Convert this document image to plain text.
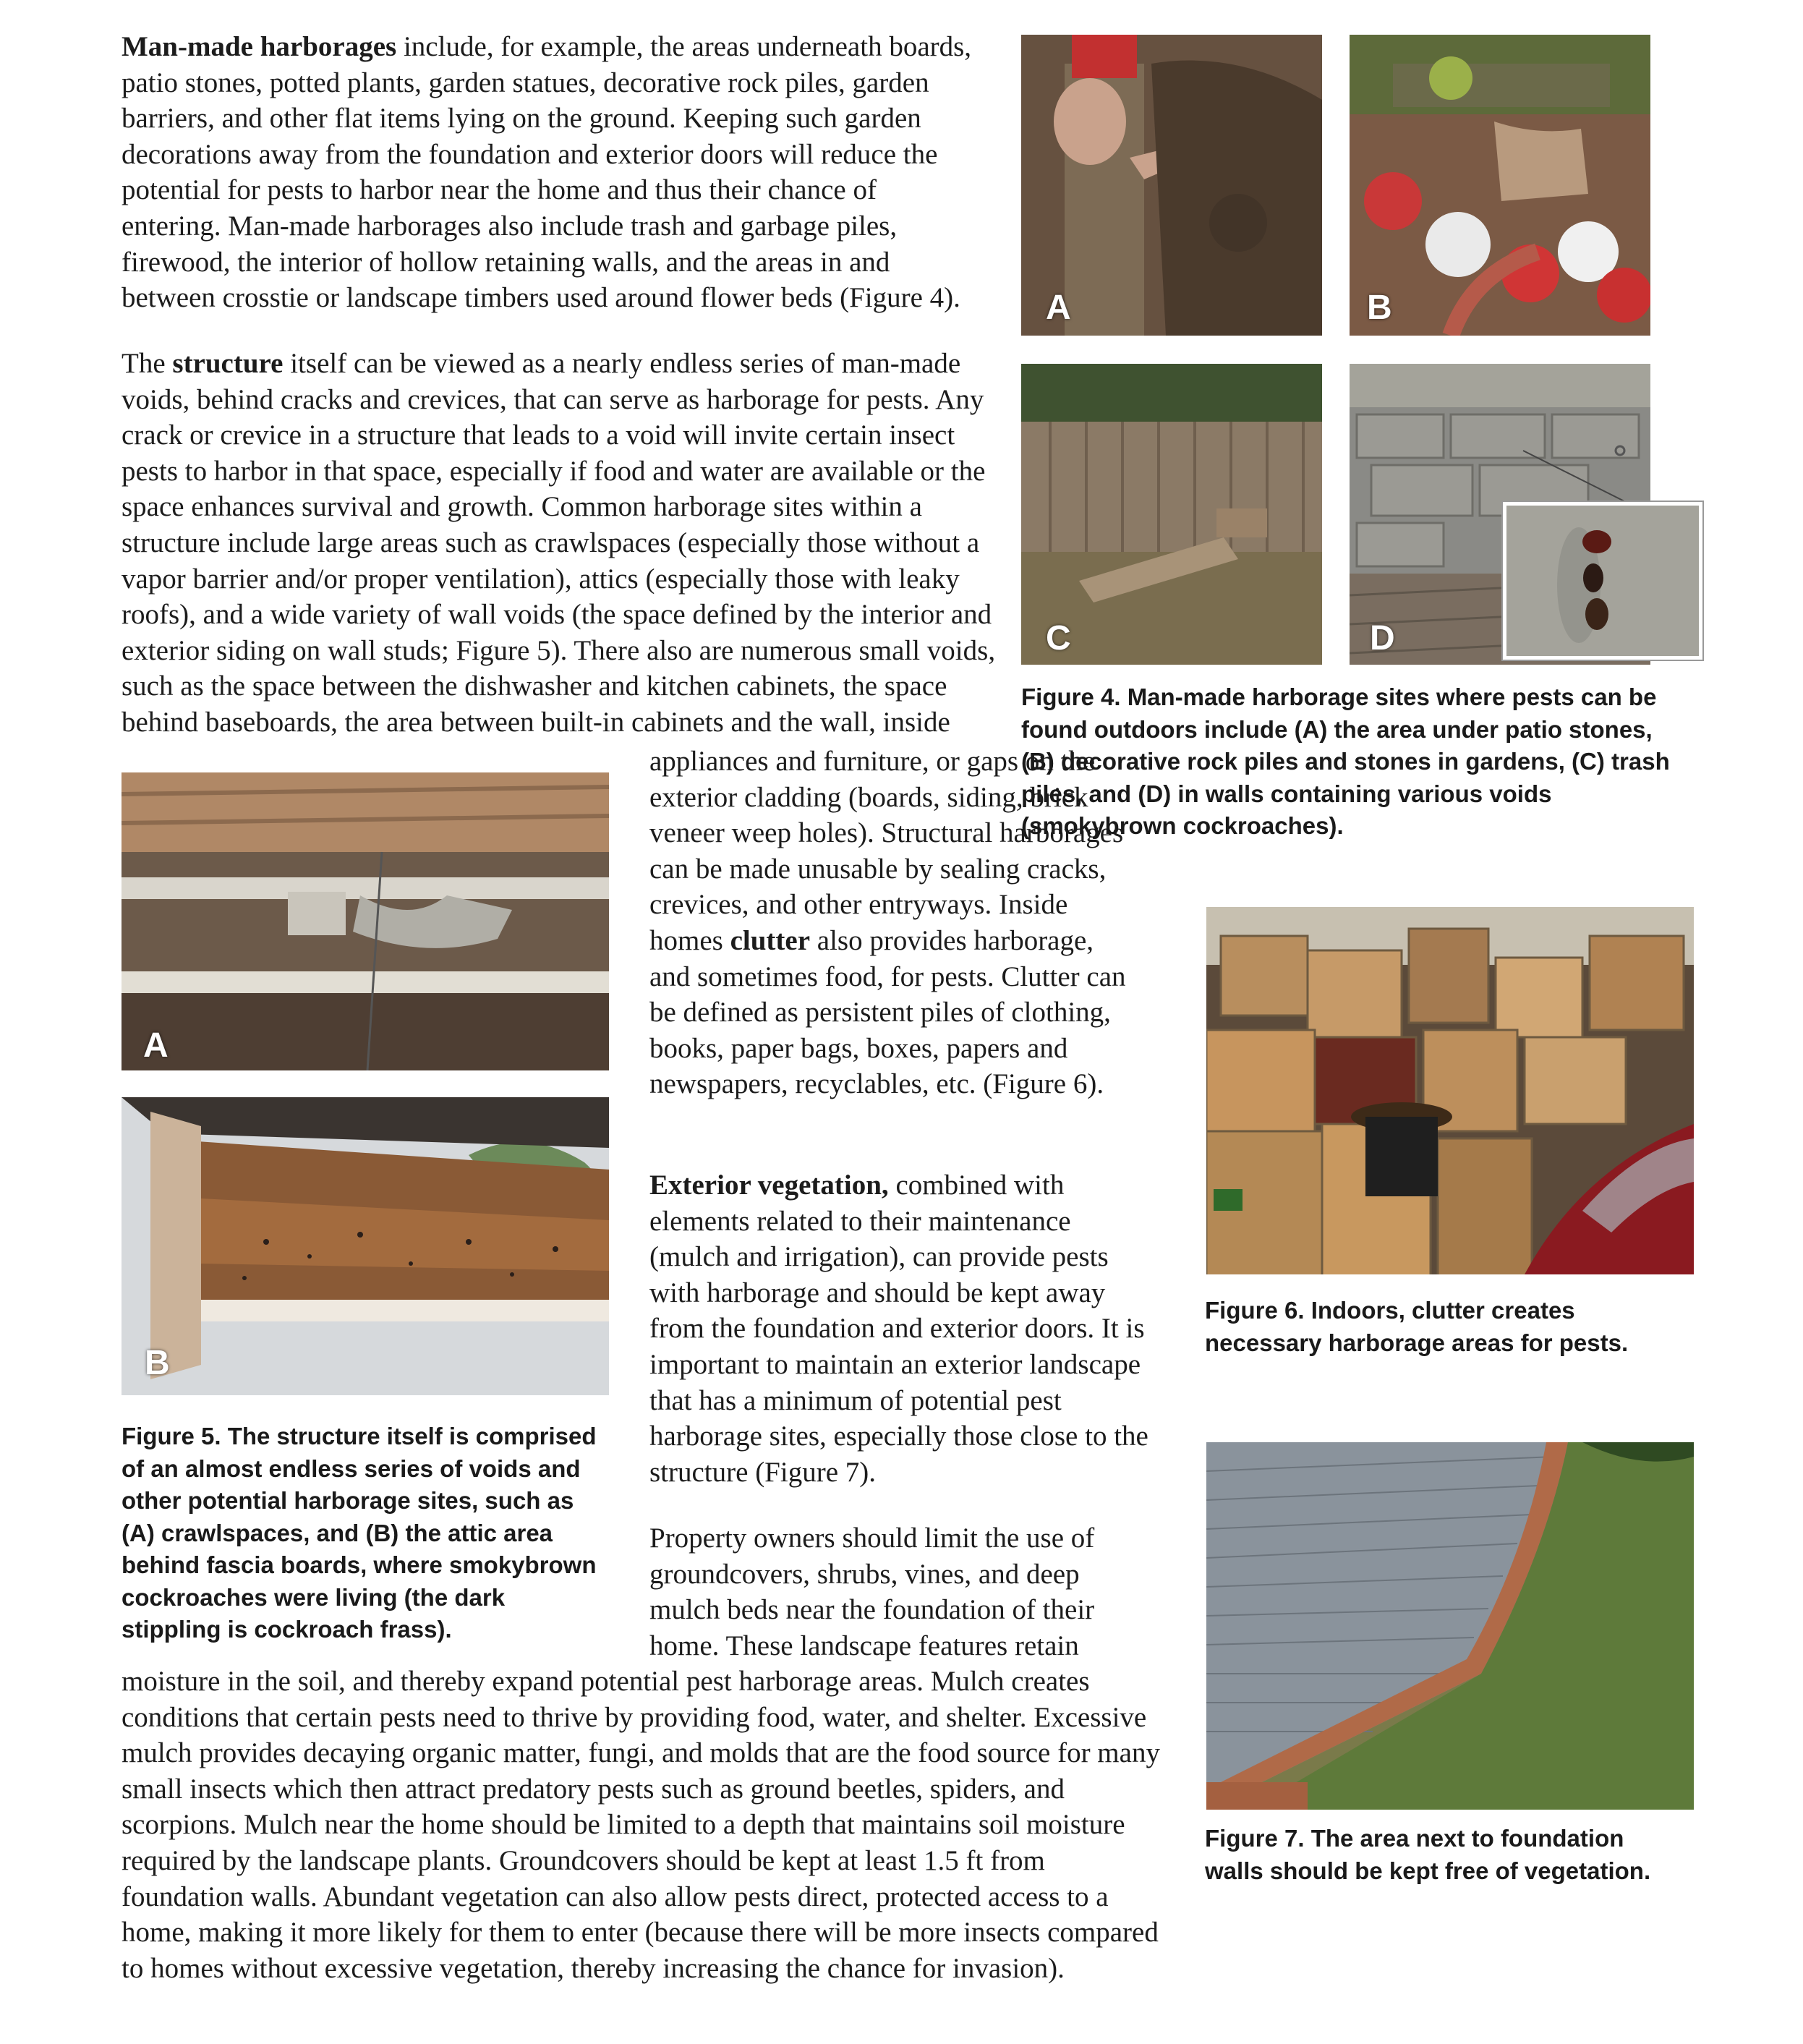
Man-made harborages include, for example, the areas underneath boards, patio stones, potted plants, garden statues, decorative rock piles, garden barriers, and other flat items lying on the ground. Keeping such garden decorations away from the foundation and exterior doors will reduce the potential for pests to harbor near the home and thus their chance of entering. Man-made harborages also include trash and garbage piles, firewood, the interior of hollow retaining walls, and the areas in and between crosstie or landscape timbers used around flower beds (Figure 4).

The structure itself can be viewed as a nearly endless series of man-made voids, behind cracks and crevices, that can serve as harborage for pests. Any crack or crevice in a structure that leads to a void will invite certain insect pests to harbor in that space, especially if food and water are available or the space enhances survival and growth. Common harborage sites within a structure include large areas such as crawlspaces (especially those without a vapor barrier and/or proper ventilation), attics (especially those with leaky roofs), and a wide variety of wall voids (the space defined by the interior and exterior siding on wall studs; Figure 5). There also are numerous small voids, such as the space between the dishwasher and kitchen cabinets, the space behind baseboards, the area between built-in cabinets and the wall, inside

appliances and furniture, or gaps on the exterior cladding (boards, siding, brick veneer weep holes). Structural harborages can be made unusable by sealing cracks, crevices, and other entryways. Inside homes clutter also provides harborage, and sometimes food, for pests. Clutter can be defined as persistent piles of clothing, books, paper bags, boxes, papers and newspapers, recyclables, etc. (Figure 6).

Exterior vegetation, combined with elements related to their maintenance (mulch and irrigation), can provide pests with harborage and should be kept away from the foundation and exterior doors. It is important to maintain an exterior landscape that has a minimum of potential pest harborage sites, especially those close to the structure (Figure 7).

Property owners should limit the use of groundcovers, shrubs, vines, and deep mulch beds near the foundation of their home. These landscape features retain

moisture in the soil, and thereby expand potential pest harborage areas. Mulch creates conditions that certain pests need to thrive by providing food, water, and shelter. Excessive mulch provides decaying organic matter, fungi, and molds that are the food source for many small insects which then attract predatory pests such as ground beetles, spiders, and scorpions. Mulch near the home should be limited to a depth that maintains soil moisture required by the landscape plants. Groundcovers should be kept at least 1.5 ft from foundation walls. Abundant vegetation can also allow pests direct, protected access to a home, making it more likely for them to enter (because there will be more insects compared to homes without excessive vegetation, thereby increasing the chance for invasion).

A	B
C	D

Figure 4. Man-made harborage sites where pests can be found outdoors include (A) the area under patio stones, (B) decorative rock piles and stones in gardens, (C) trash piles, and (D) in walls containing various voids (smokybrown cockroaches).

A
B

Figure 5. The structure itself is comprised of an almost endless series of voids and other potential harborage sites, such as (A) crawlspaces, and (B) the attic area behind fascia boards, where smokybrown cockroaches were living (the dark stippling is cockroach frass).

Figure 6. Indoors, clutter creates necessary harborage areas for pests.

Figure 7. The area next to foundation walls should be kept free of vegetation.
